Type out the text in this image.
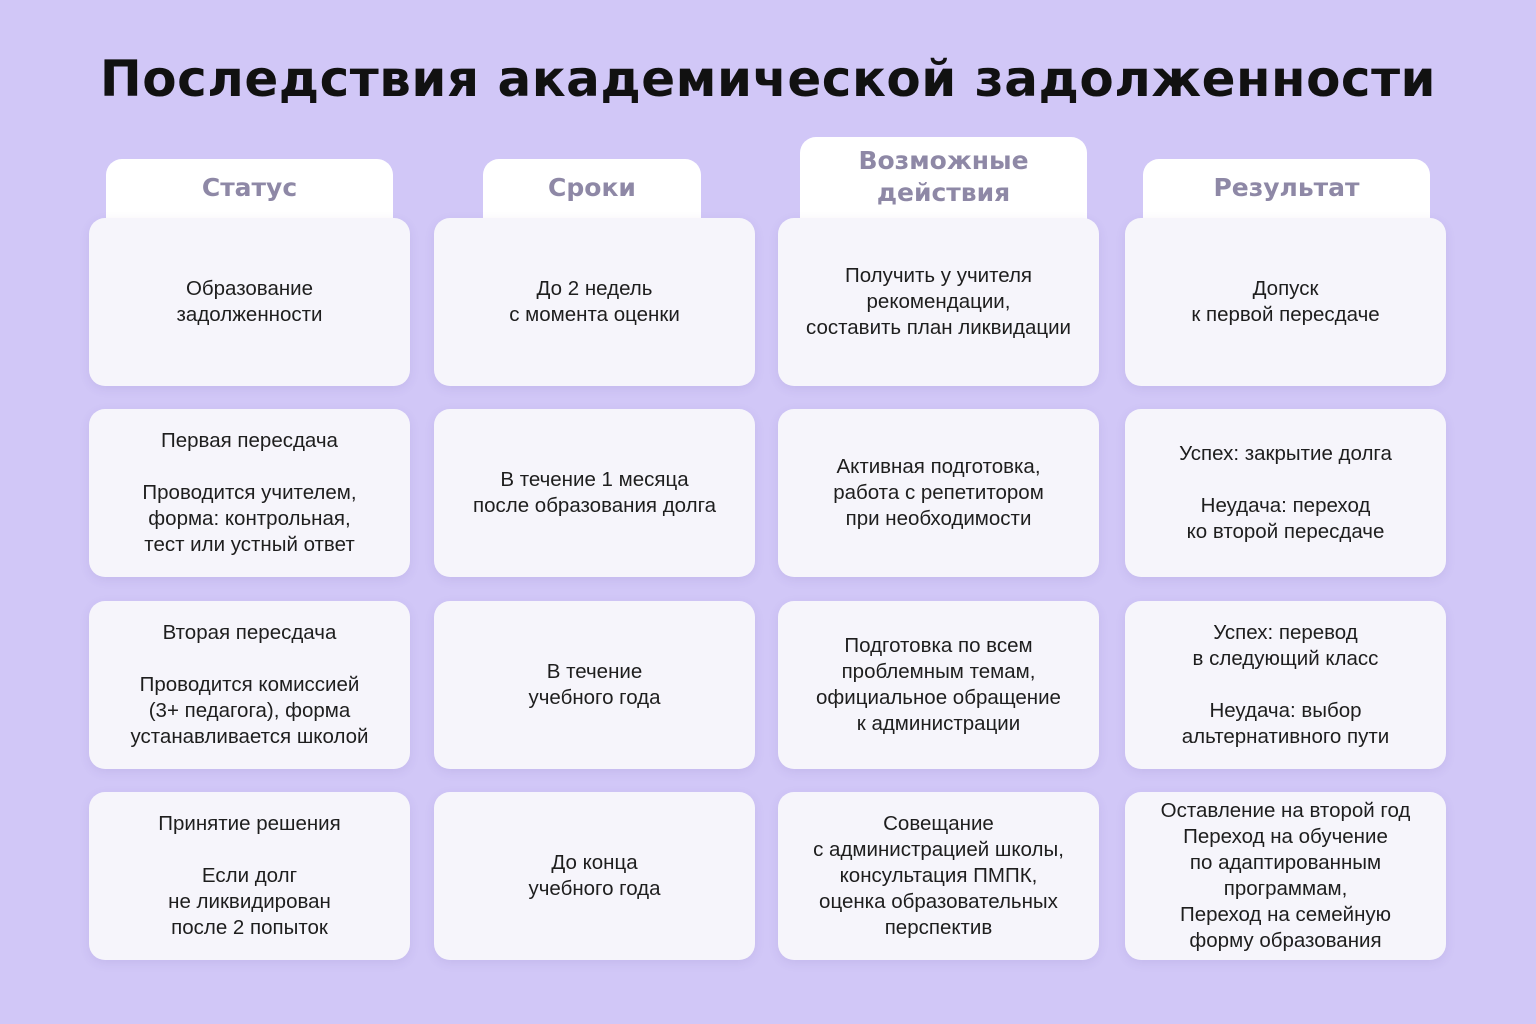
Последствия академической задолженности
Статус	Сроки
Возможные
действия	Результат
Образование
задолженности
До 2 недель
с момента оценки
Получить у учителя
рекомендации,
составить план ликвидации
Допуск
к первой пересдаче
Первая пересдача

Проводится учителем,
форма: контрольная,
тест или устный ответ
В течение 1 месяца
после образования долга
Активная подготовка,
работа с репетитором
при необходимости
Успех: закрытие долга

Неудача: переход
ко второй пересдаче
Вторая пересдача

Проводится комиссией
(3+ педагога), форма
устанавливается школой
В течение
учебного года
Подготовка по всем
проблемным темам,
официальное обращение
к администрации
Успех: перевод
в следующий класс

Неудача: выбор
альтернативного пути
Принятие решения

Если долг
не ликвидирован
после 2 попыток
До конца
учебного года
Совещание
с администрацией школы,
консультация ПМПК,
оценка образовательных
перспектив
Оставление на второй год
Переход на обучение
по адаптированным
программам,
Переход на семейную
форму образования
